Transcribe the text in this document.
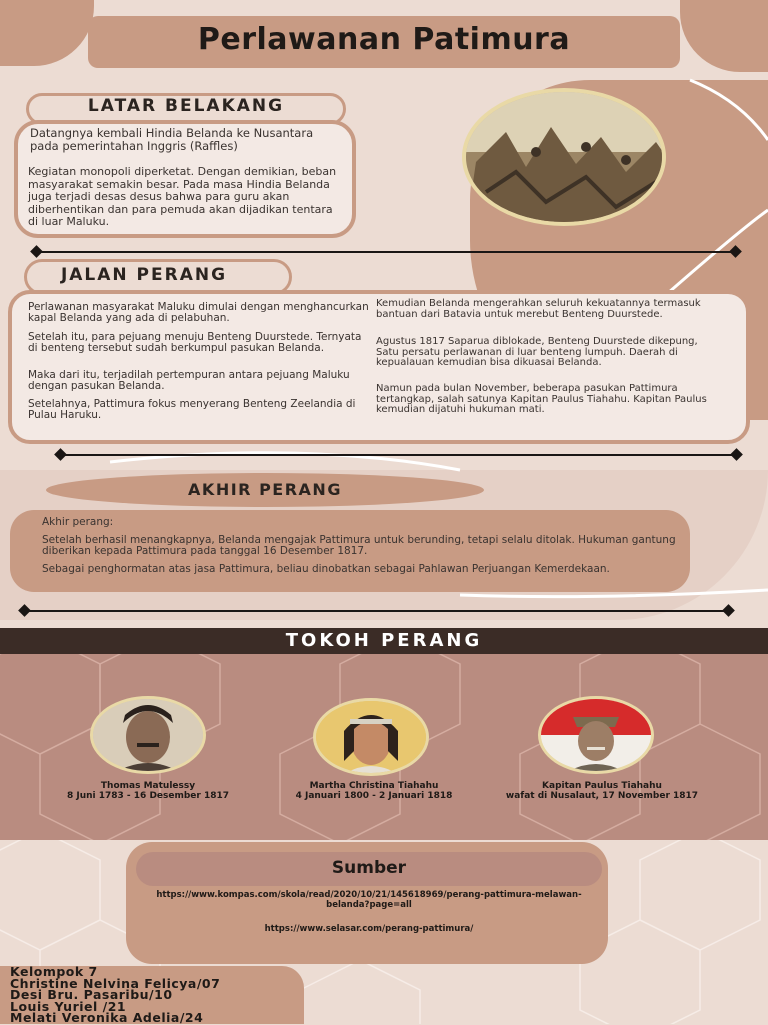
Perlawanan Patimura
LATAR BELAKANG
Datangnya kembali Hindia Belanda ke Nusantara pada pemerintahan Inggris (Raffles)
Kegiatan monopoli diperketat. Dengan demikian, beban masyarakat semakin besar. Pada masa Hindia Belanda juga terjadi desas desus bahwa para guru akan diberhentikan dan para pemuda akan dijadikan tentara di luar Maluku.
JALAN PERANG
Perlawanan masyarakat Maluku dimulai dengan menghancurkan kapal Belanda yang ada di pelabuhan.
Setelah itu, para pejuang menuju Benteng Duurstede. Ternyata di benteng tersebut sudah berkumpul pasukan Belanda.
Maka dari itu, terjadilah pertempuran antara pejuang Maluku dengan pasukan Belanda.
Setelahnya, Pattimura fokus menyerang Benteng Zeelandia di Pulau Haruku.
Kemudian Belanda mengerahkan seluruh kekuatannya termasuk bantuan dari Batavia untuk merebut Benteng Duurstede.
Agustus 1817 Saparua diblokade, Benteng Duurstede dikepung, Satu persatu perlawanan di luar benteng lumpuh. Daerah di kepualauan kemudian bisa dikuasai Belanda.
Namun pada bulan November, beberapa pasukan Pattimura tertangkap, salah satunya Kapitan Paulus Tiahahu. Kapitan Paulus kemudian dijatuhi hukuman mati.
AKHIR PERANG
Akhir perang:
Setelah berhasil menangkapnya, Belanda mengajak Pattimura untuk berunding, tetapi selalu ditolak. Hukuman gantung diberikan kepada Pattimura pada tanggal 16 Desember 1817.
Sebagai penghormatan atas jasa Pattimura, beliau dinobatkan sebagai Pahlawan Perjuangan Kemerdekaan.
TOKOH PERANG
Thomas Matulessy
8 Juni 1783 - 16 Desember 1817
Martha Christina Tiahahu
4 Januari 1800 - 2 Januari 1818
Kapitan Paulus Tiahahu
wafat di Nusalaut, 17 November 1817
Sumber
https://www.kompas.com/skola/read/2020/10/21/145618969/perang-pattimura-melawan-belanda?page=all
https://www.selasar.com/perang-pattimura/
Kelompok 7
Christine Nelvina Felicya/07
Desi Bru. Pasaribu/10
Louis Yuriel /21
Melati Veronika Adelia/24
